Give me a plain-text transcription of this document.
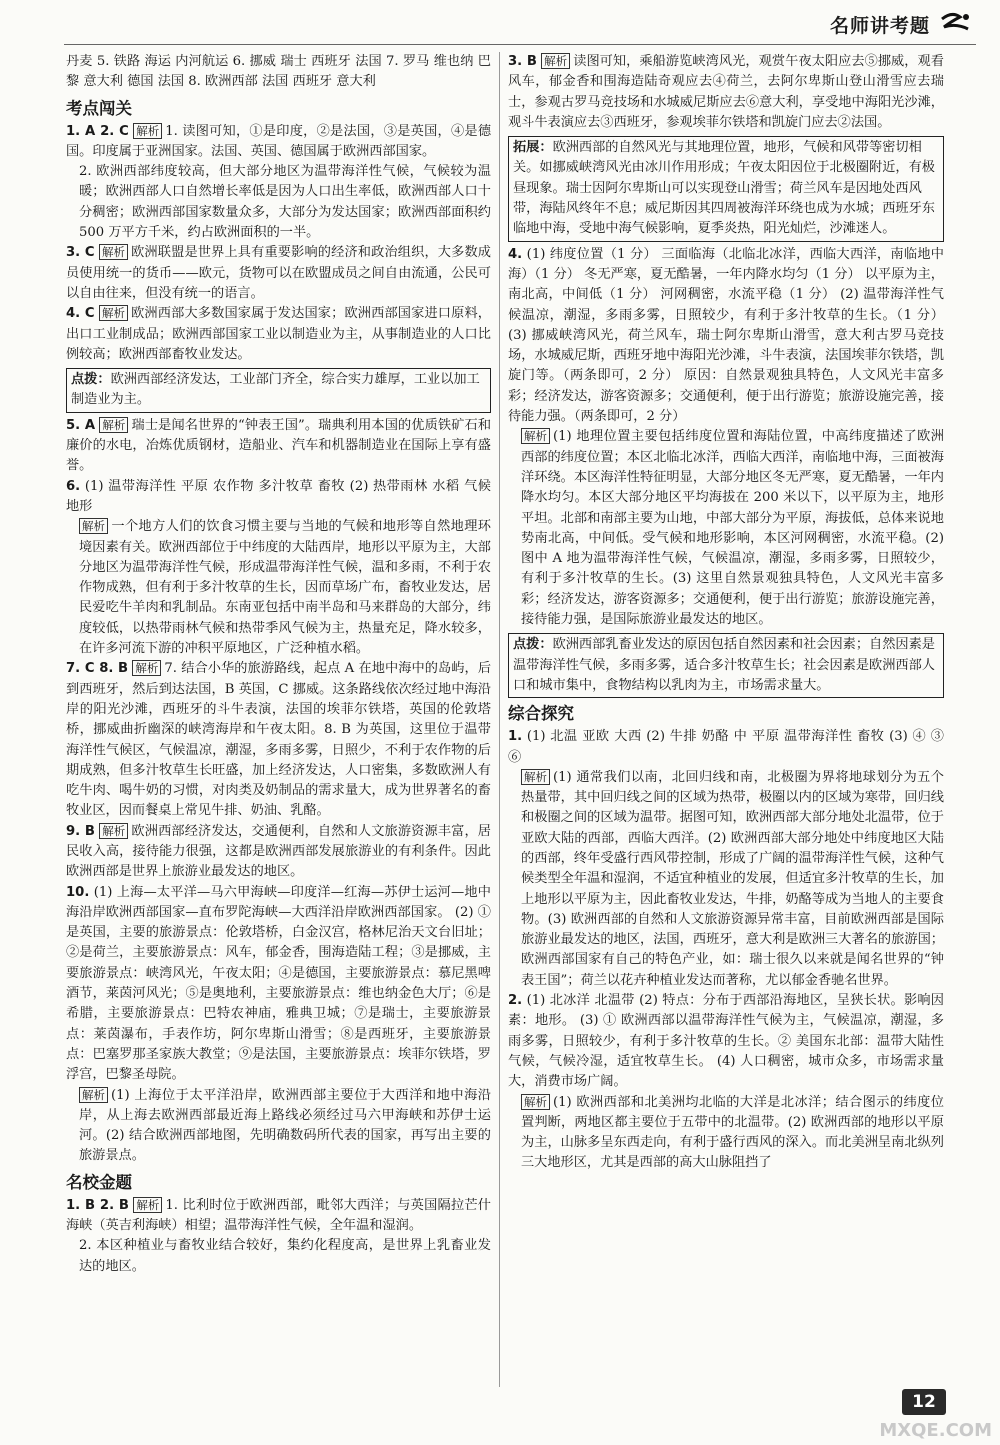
名师讲考题

丹麦 5. 铁路 海运 内河航运 6. 挪威 瑞士 西班牙 法国 7. 罗马 维也纳 巴黎 意大利 德国 法国 8. 欧洲西部 法国 西班牙 意大利

考点闯关

1. A 2. C 解析 1. 读图可知，①是印度，②是法国，③是英国，④是德国。印度属于亚洲国家。法国、英国、德国属于欧洲西部国家。

2. 欧洲西部纬度较高，但大部分地区为温带海洋性气候，气候较为温暖；欧洲西部人口自然增长率低是因为人口出生率低，欧洲西部人口十分稠密；欧洲西部国家数量众多，大部分为发达国家；欧洲西部面积约 500 万平方千米，约占欧洲面积的一半。

3. C 解析 欧洲联盟是世界上具有重要影响的经济和政治组织，大多数成员使用统一的货币——欧元，货物可以在欧盟成员之间自由流通，公民可以自由往来，但没有统一的语言。

4. C 解析 欧洲西部大多数国家属于发达国家；欧洲西部国家进口原料，出口工业制成品；欧洲西部国家工业以制造业为主，从事制造业的人口比例较高；欧洲西部畜牧业发达。

点拨：欧洲西部经济发达，工业部门齐全，综合实力雄厚，工业以加工制造业为主。

5. A 解析 瑞士是闻名世界的“钟表王国”。瑞典利用本国的优质铁矿石和廉价的水电，冶炼优质钢材，造船业、汽车和机器制造业在国际上享有盛誉。

6. (1) 温带海洋性 平原 农作物 多汁牧草 畜牧 (2) 热带雨林 水稻 气候 地形

解析 一个地方人们的饮食习惯主要与当地的气候和地形等自然地理环境因素有关。欧洲西部位于中纬度的大陆西岸，地形以平原为主，大部分地区为温带海洋性气候，形成温带海洋性气候，温和多雨，不利于农作物成熟，但有利于多汁牧草的生长，因而草场广布，畜牧业发达，居民爱吃牛羊肉和乳制品。东南亚包括中南半岛和马来群岛的大部分，纬度较低，以热带雨林气候和热带季风气候为主，热量充足，降水较多，在许多河流下游的冲积平原地区，广泛种植水稻。

7. C 8. B 解析 7. 结合小华的旅游路线，起点 A 在地中海中的岛屿，后到西班牙，然后到达法国，B 英国，C 挪威。这条路线依次经过地中海沿岸的阳光沙滩，西班牙的斗牛表演，法国的埃菲尔铁塔，英国的伦敦塔桥，挪威曲折幽深的峡湾海岸和午夜太阳。8. B 为英国，这里位于温带海洋性气候区，气候温凉，潮湿，多雨多雾，日照少，不利于农作物的后期成熟，但多汁牧草生长旺盛，加上经济发达，人口密集，多数欧洲人有吃牛肉、喝牛奶的习惯，对肉类及奶制品的需求量大，成为世界著名的畜牧业区，因而餐桌上常见牛排、奶油、乳酪。

9. B 解析 欧洲西部经济发达，交通便利，自然和人文旅游资源丰富，居民收入高，接待能力很强，这都是欧洲西部发展旅游业的有利条件。因此欧洲西部是世界上旅游业最发达的地区。

10. (1) 上海—太平洋—马六甲海峡—印度洋—红海—苏伊士运河—地中海沿岸欧洲西部国家—直布罗陀海峡—大西洋沿岸欧洲西部国家。 (2) ①是英国，主要的旅游景点：伦敦塔桥，白金汉宫，格林尼治天文台旧址；②是荷兰，主要旅游景点：风车，郁金香，围海造陆工程；③是挪威，主要旅游景点：峡湾风光，午夜太阳；④是德国，主要旅游景点：慕尼黑啤酒节，莱茵河风光；⑤是奥地利，主要旅游景点：维也纳金色大厅；⑥是希腊，主要旅游景点：巴特农神庙，雅典卫城；⑦是瑞士，主要旅游景点：莱茵瀑布，手表作坊，阿尔卑斯山滑雪；⑧是西班牙，主要旅游景点：巴塞罗那圣家族大教堂；⑨是法国，主要旅游景点：埃菲尔铁塔，罗浮宫，巴黎圣母院。

解析 (1) 上海位于太平洋沿岸，欧洲西部主要位于大西洋和地中海沿岸，从上海去欧洲西部最近海上路线必须经过马六甲海峡和苏伊士运河。(2) 结合欧洲西部地图，先明确数码所代表的国家，再写出主要的旅游景点。

名校金题

1. B 2. B 解析 1. 比利时位于欧洲西部，毗邻大西洋；与英国隔拉芒什海峡（英吉利海峡）相望；温带海洋性气候，全年温和湿润。

2. 本区种植业与畜牧业结合较好，集约化程度高，是世界上乳畜业发达的地区。

3. B 解析 读图可知，乘船游览峡湾风光，观赏午夜太阳应去⑤挪威，观看风车，郁金香和围海造陆奇观应去④荷兰，去阿尔卑斯山登山滑雪应去瑞士，参观古罗马竞技场和水城威尼斯应去⑥意大利，享受地中海阳光沙滩，观斗牛表演应去③西班牙，参观埃菲尔铁塔和凯旋门应去②法国。

拓展：欧洲西部的自然风光与其地理位置，地形，气候和风带等密切相关。如挪威峡湾风光由冰川作用形成；午夜太阳因位于北极圈附近，有极昼现象。瑞士因阿尔卑斯山可以实现登山滑雪；荷兰风车是因地处西风带，海陆风终年不息；威尼斯因其四周被海洋环绕也成为水城；西班牙东临地中海，受地中海气候影响，夏季炎热，阳光灿烂，沙滩迷人。

4. (1) 纬度位置（1 分） 三面临海（北临北冰洋，西临大西洋，南临地中海）（1 分） 冬无严寒，夏无酷暑，一年内降水均匀（1 分） 以平原为主，南北高，中间低（1 分） 河网稠密，水流平稳（1 分） (2) 温带海洋性气候温凉，潮湿，多雨多雾，日照较少，有利于多汁牧草的生长。（1 分） (3) 挪威峡湾风光，荷兰风车，瑞士阿尔卑斯山滑雪，意大利古罗马竞技场，水城威尼斯，西班牙地中海阳光沙滩，斗牛表演，法国埃菲尔铁塔，凯旋门等。（两条即可，2 分） 原因：自然景观独具特色，人文风光丰富多彩；经济发达，游客资源多；交通便利，便于出行游览；旅游设施完善，接待能力强。（两条即可，2 分）

解析 (1) 地理位置主要包括纬度位置和海陆位置，中高纬度描述了欧洲西部的纬度位置；本区北临北冰洋，西临大西洋，南临地中海，三面被海洋环绕。本区海洋性特征明显，大部分地区冬无严寒，夏无酷暑，一年内降水均匀。本区大部分地区平均海拔在 200 米以下，以平原为主，地形平坦。北部和南部主要为山地，中部大部分为平原，海拔低，总体来说地势南北高，中间低。受气候和地形影响，本区河网稠密，水流平稳。(2) 图中 A 地为温带海洋性气候，气候温凉，潮湿，多雨多雾，日照较少，有利于多汁牧草的生长。(3) 这里自然景观独具特色，人文风光丰富多彩；经济发达，游客资源多；交通便利，便于出行游览；旅游设施完善，接待能力强，是国际旅游业最发达的地区。

点拨：欧洲西部乳畜业发达的原因包括自然因素和社会因素；自然因素是温带海洋性气候，多雨多雾，适合多汁牧草生长；社会因素是欧洲西部人口和城市集中，食物结构以乳肉为主，市场需求量大。
综合探究

1. (1) 北温 亚欧 大西 (2) 牛排 奶酪 中 平原 温带海洋性 畜牧 (3) ④ ③ ⑥

解析 (1) 通常我们以南，北回归线和南，北极圈为界将地球划分为五个热量带，其中回归线之间的区域为热带，极圈以内的区域为寒带，回归线和极圈之间的区域为温带。据图可知，欧洲西部大部分地处北温带，位于亚欧大陆的西部，西临大西洋。(2) 欧洲西部大部分地处中纬度地区大陆的西部，终年受盛行西风带控制，形成了广阔的温带海洋性气候，这种气候类型全年温和湿润，不适宜种植业的发展，但适宜多汁牧草的生长，加上地形以平原为主，因此畜牧业发达，牛排，奶酪等成为当地人的主要食物。(3) 欧洲西部的自然和人文旅游资源异常丰富，目前欧洲西部是国际旅游业最发达的地区，法国，西班牙，意大利是欧洲三大著名的旅游国；欧洲西部国家有自己的特色产业，如：瑞士很久以来就是闻名世界的“钟表王国”；荷兰以花卉种植业发达而著称，尤以郁金香驰名世界。

2. (1) 北冰洋 北温带 (2) 特点：分布于西部沿海地区，呈狭长状。影响因素：地形。 (3) ① 欧洲西部以温带海洋性气候为主，气候温凉，潮湿，多雨多雾，日照较少，有利于多汁牧草的生长。② 美国东北部：温带大陆性气候，气候冷湿，适宜牧草生长。 (4) 人口稠密，城市众多，市场需求量大，消费市场广阔。

解析 (1) 欧洲西部和北美洲均北临的大洋是北冰洋；结合图示的纬度位置判断，两地区都主要位于五带中的北温带。(2) 欧洲西部的地形以平原为主，山脉多呈东西走向，有利于盛行西风的深入。而北美洲呈南北纵列三大地形区，尤其是西部的高大山脉阻挡了

12
MXQE.COM
